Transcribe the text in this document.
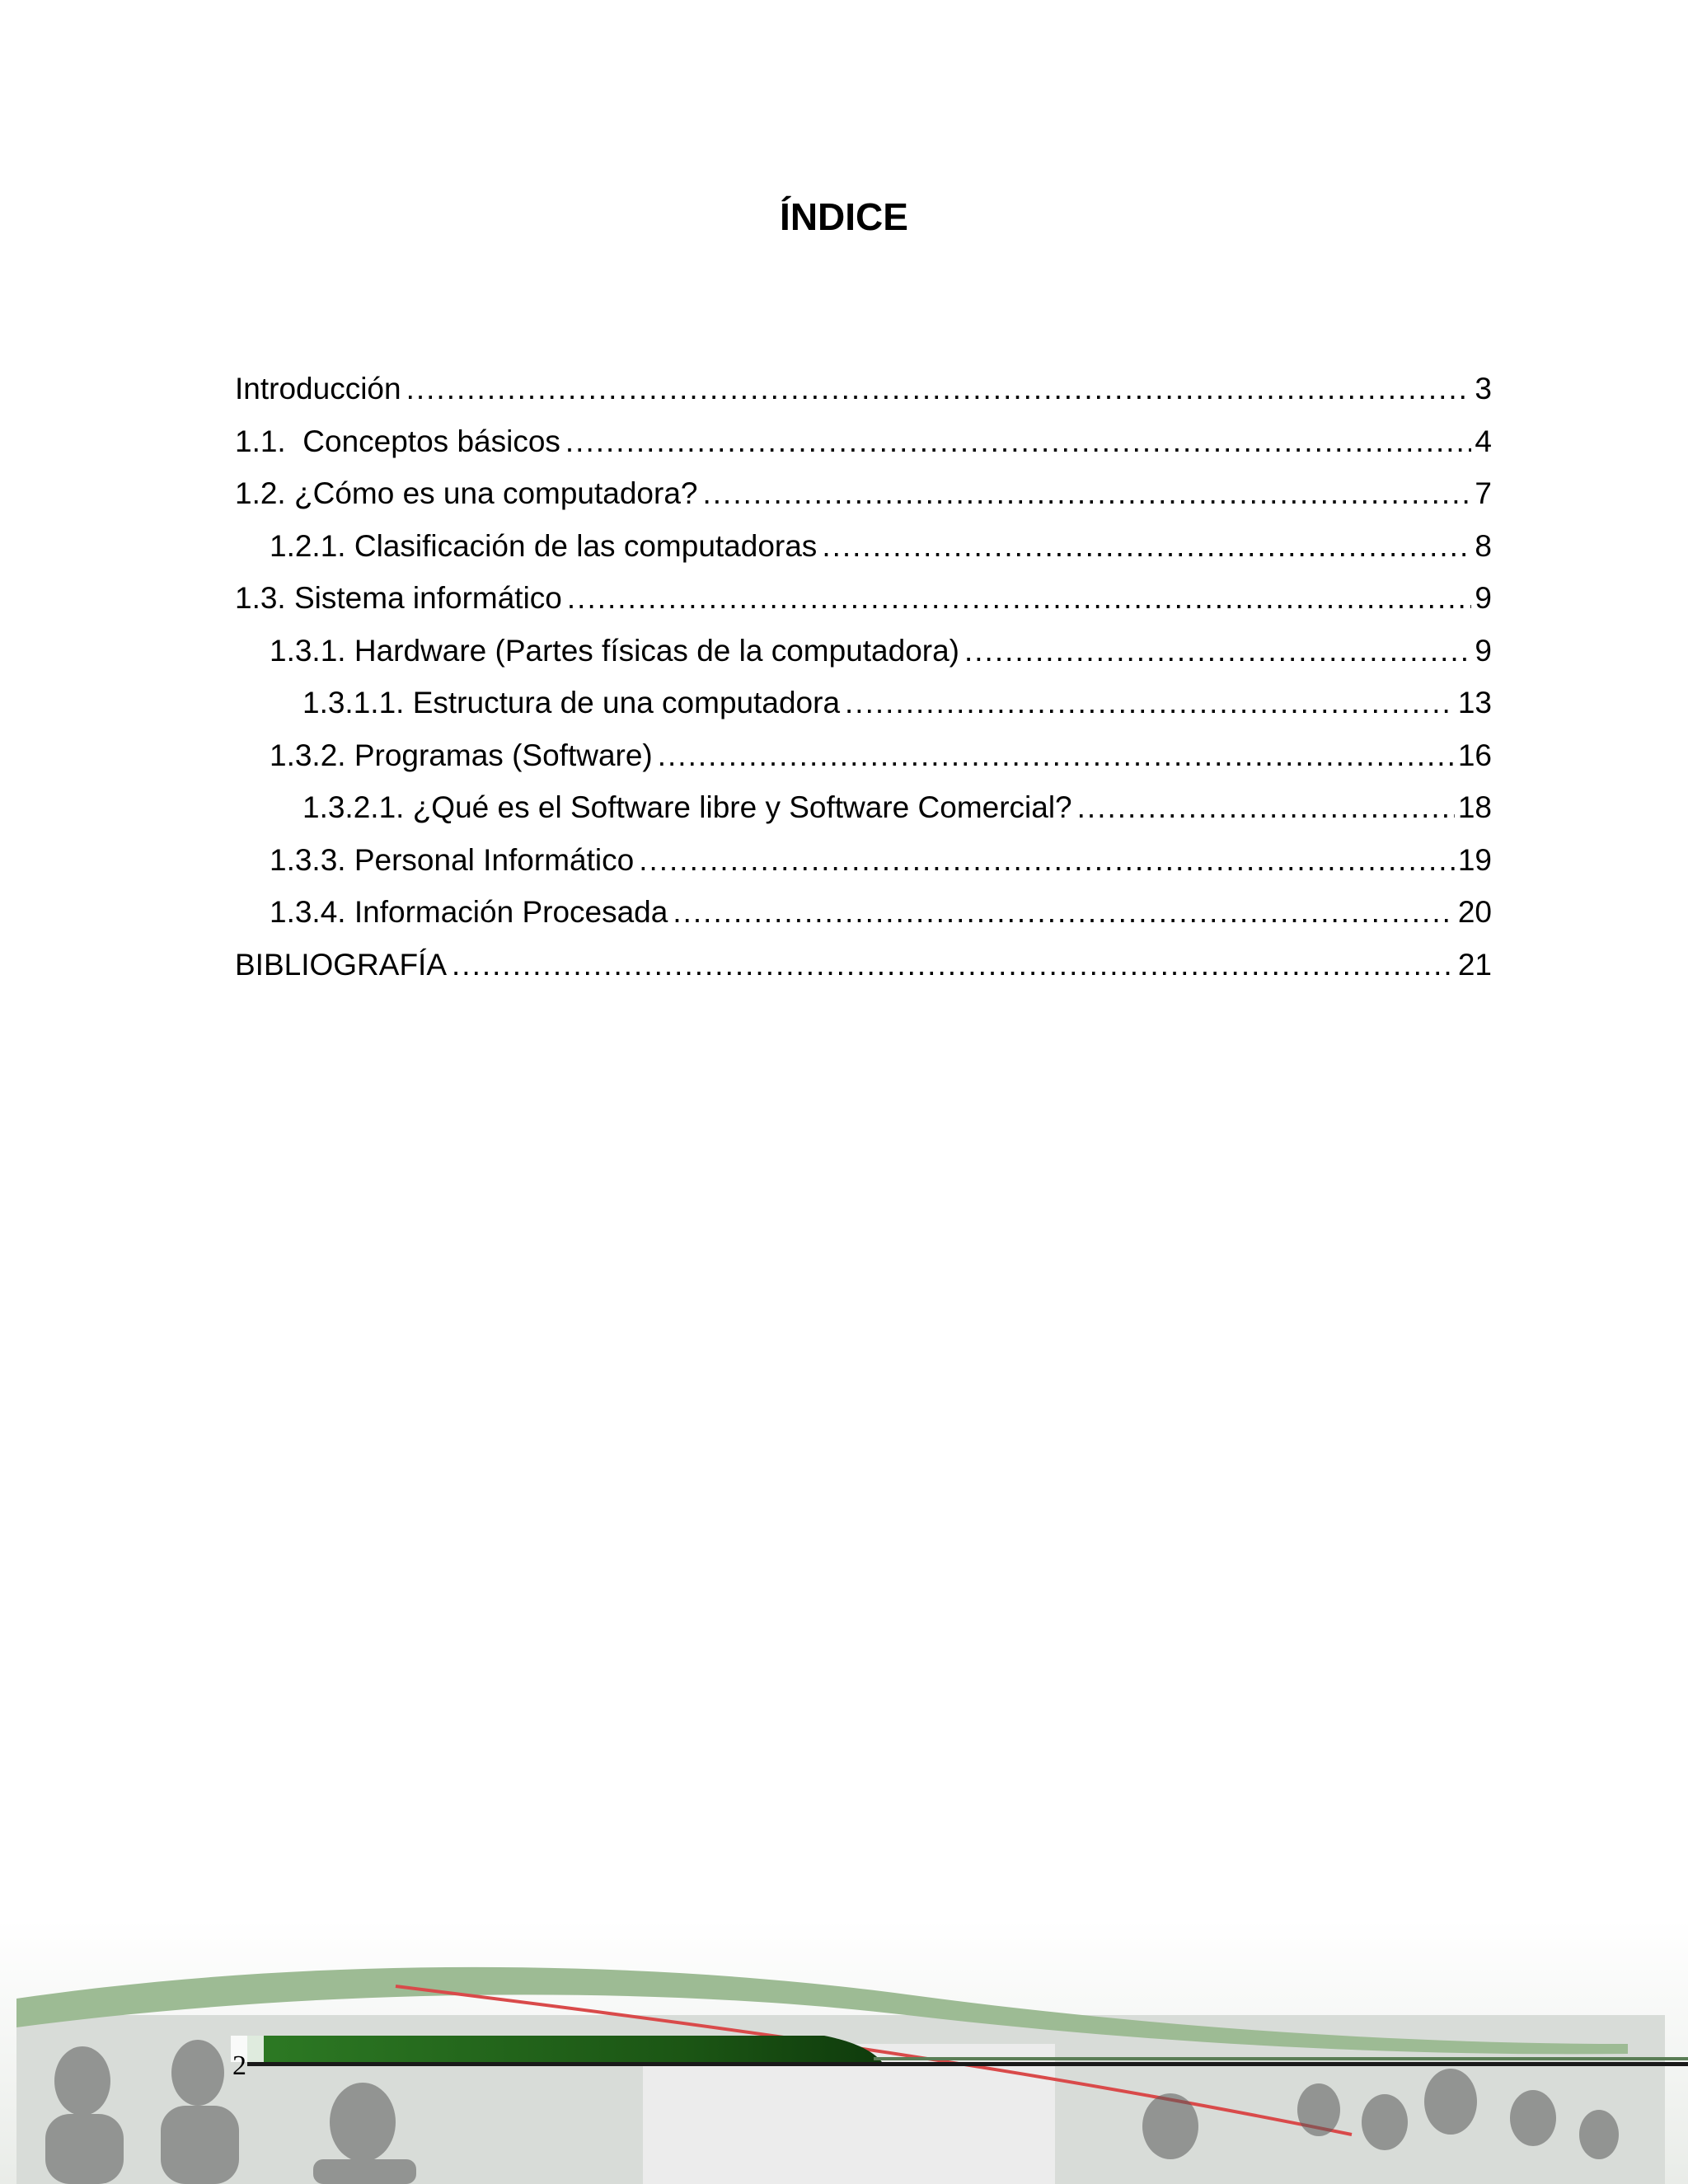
ÍNDICE
Introducción .....	3
1.1.  Conceptos básicos .....	4
1.2. ¿Cómo es una computadora? .....	7
1.2.1. Clasificación de las computadoras .....	8
1.3. Sistema informático .....	9
1.3.1. Hardware (Partes físicas de la computadora) .....	9
1.3.1.1. Estructura de una computadora .....	13
1.3.2. Programas (Software) .....	16
1.3.2.1. ¿Qué es el Software libre y Software Comercial? .....	18
1.3.3. Personal Informático .....	19
1.3.4. Información Procesada .....	20
BIBLIOGRAFÍA .....	21
2
